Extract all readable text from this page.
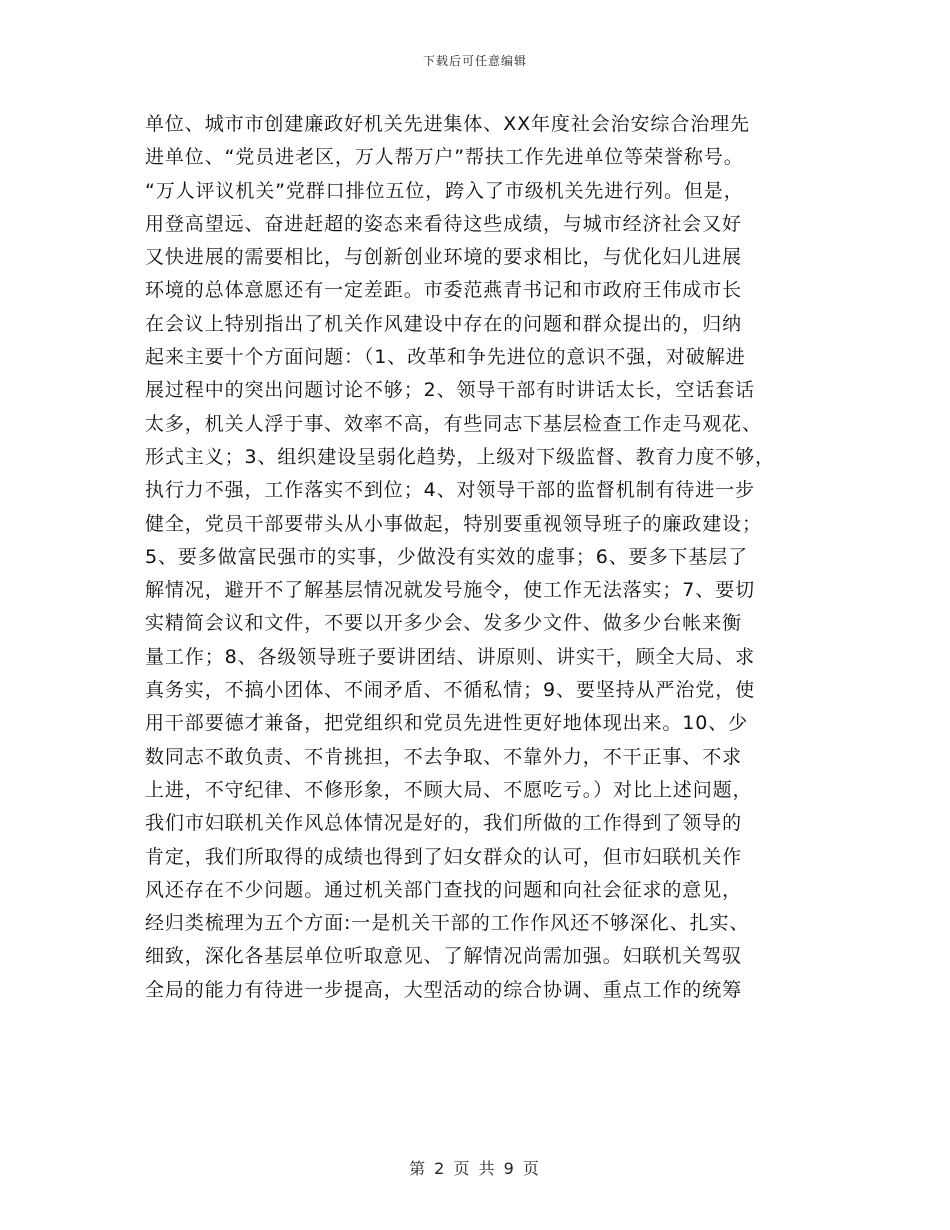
下载后可任意编辑
单位、城市市创建廉政好机关先进集体、XX年度社会治安综合治理先
进单位、“党员进老区，万人帮万户”帮扶工作先进单位等荣誉称号。
“万人评议机关”党群口排位五位，跨入了市级机关先进行列。但是，
用登高望远、奋进赶超的姿态来看待这些成绩，与城市经济社会又好
又快进展的需要相比，与创新创业环境的要求相比，与优化妇儿进展
环境的总体意愿还有一定差距。市委范燕青书记和市政府王伟成市长
在会议上特别指出了机关作风建设中存在的问题和群众提出的，归纳
起来主要十个方面问题：（1、改革和争先进位的意识不强，对破解进
展过程中的突出问题讨论不够；2、领导干部有时讲话太长，空话套话
太多，机关人浮于事、效率不高，有些同志下基层检查工作走马观花、
形式主义；3、组织建设呈弱化趋势，上级对下级监督、教育力度不够，
执行力不强，工作落实不到位；4、对领导干部的监督机制有待进一步
健全，党员干部要带头从小事做起，特别要重视领导班子的廉政建设；
5、要多做富民强市的实事，少做没有实效的虚事；6、要多下基层了
解情况，避开不了解基层情况就发号施令，使工作无法落实；7、要切
实精简会议和文件，不要以开多少会、发多少文件、做多少台帐来衡
量工作；8、各级领导班子要讲团结、讲原则、讲实干，顾全大局、求
真务实，不搞小团体、不闹矛盾、不循私情；9、要坚持从严治党，使
用干部要德才兼备，把党组织和党员先进性更好地体现出来。10、少
数同志不敢负责、不肯挑担，不去争取、不靠外力，不干正事、不求
上进，不守纪律、不修形象，不顾大局、不愿吃亏。）对比上述问题，
我们市妇联机关作风总体情况是好的，我们所做的工作得到了领导的
肯定，我们所取得的成绩也得到了妇女群众的认可，但市妇联机关作
风还存在不少问题。通过机关部门查找的问题和向社会征求的意见，
经归类梳理为五个方面:一是机关干部的工作作风还不够深化、扎实、
细致，深化各基层单位听取意见、了解情况尚需加强。妇联机关驾驭
全局的能力有待进一步提高，大型活动的综合协调、重点工作的统筹
第 2 页 共 9 页
